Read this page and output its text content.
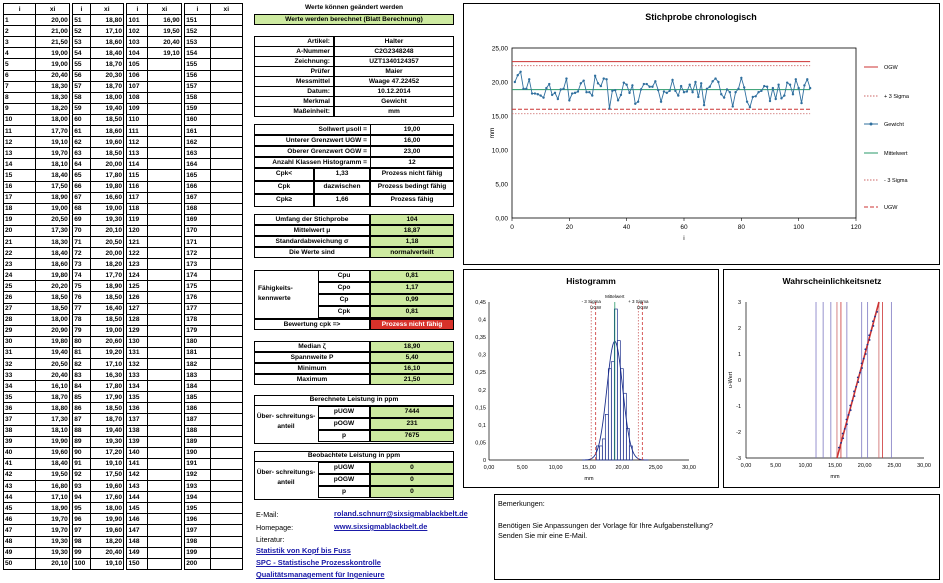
i	xi		i	xi		i	xi		i	xi
1	20,00		51	18,80		101	16,90		151	
2	21,00		52	17,10		102	19,50		152	
3	21,50		53	18,60		103	20,40		153	
4	19,00		54	18,40		104	19,10		154	
5	19,00		55	18,70		105			155	
6	20,40		56	20,30		106			156	
7	18,30		57	18,70		107			157	
8	18,30		58	18,00		108			158	
9	18,20		59	19,40		109			159	
10	18,00		60	18,50		110			160	
11	17,70		61	18,60		111			161	
12	19,10		62	19,60		112			162	
13	19,70		63	18,50		113			163	
14	18,10		64	20,00		114			164	
15	18,40		65	17,80		115			165	
16	17,50		66	19,80		116			166	
17	18,90		67	16,60		117			167	
18	19,00		68	19,00		118			168	
19	20,50		69	19,30		119			169	
20	17,30		70	20,10		120			170	
21	18,30		71	20,50		121			171	
22	18,40		72	20,00		122			172	
23	18,60		73	18,20		123			173	
24	19,80		74	17,70		124			174	
25	20,20		75	18,90		125			175	
26	18,50		76	18,50		126			176	
27	18,50		77	16,40		127			177	
28	18,00		78	18,50		128			178	
29	20,90		79	19,00		129			179	
30	19,80		80	20,60		130			180	
31	19,40		81	19,20		131			181	
32	20,50		82	17,10		132			182	
33	20,40		83	16,30		133			183	
34	16,10		84	17,80		134			184	
35	18,70		85	17,90		135			185	
36	18,80		86	18,50		136			186	
37	17,30		87	18,70		137			187	
38	18,10		88	19,40		138			188	
39	19,90		89	19,30		139			189	
40	19,60		90	17,20		140			190	
41	18,40		91	19,10		141			191	
42	19,50		92	17,50		142			192	
43	16,80		93	19,60		143			193	
44	17,10		94	17,60		144			194	
45	18,90		95	18,00		145			195	
46	19,70		96	19,90		146			196	
47	19,70		97	19,60		147			197	
48	19,30		98	18,20		148			198	
49	19,30		99	20,40		149			199	
50	20,10		100	19,10		150			200	
Werte können geändert werden
Werte werden berechnet (Blatt Berechnung)
Sollwert μsoll =	19,00
Unterer Grenzwert UGW =	16,00
Oberer Grenzwert OGW =	23,00
Anzahl Klassen Histogramm =	12
Fähigkeits-
kennwerte
Bewertung cpk =>	Prozess nicht fähig
Berechnete Leistung in ppm
Über- schreitungs-
anteil
Beobachtete Leistung in ppm
Über- schreitungs-
anteil
E-Mail:	roland.schnurr@sixsigmablackbelt.de
Homepage:	www.sixsigmablackbelt.de
Literatur:
Statistik von Kopf bis Fuss
SPC - Statistische Prozesskontrolle
Qualitätsmanagement für Ingenieure
Bemerkungen:
Benötigen Sie Anpassungen der Vorlage für Ihre Aufgabenstellung?
Senden Sie mir eine E-Mail.
Stichprobe chronologisch
0,00
5,00
10,00
15,00
20,00
25,00
0	20	40	60	80	100	120
i
mm
OGW
+ 3 Sigma
Gewicht
Mittelwert
- 3 Sigma
UGW
Histogramm
0
0,05
0,1
0,15
0,2
0,25
0,3
0,35
0,4
0,45
0,00	5,00	10,00	15,00	20,00	25,00	30,00
mm
Mittelwert
- 3 Sigma	+ 3 Sigma
UGW	OGW
Wahrscheinlichkeitsnetz
-3
-2
-1
0
1
2
3
0,00	5,00	10,00	15,00	20,00	25,00	30,00
mm
u-Wert
Artikel:	Halter
A-Nummer	C2G2348248
Zeichnung:	UZT1340124357
Prüfer	Maier
Messmittel	Waage 47.22452
Datum:	10.12.2014
Merkmal	Gewicht
Maßeinheit:	mm
Cpk<	1,33	Prozess nicht fähig
Cpk	dazwischen	Prozess bedingt fähig
Cpk≥	1,66	Prozess fähig
Umfang der Stichprobe	104
Mittelwert μ	18,87
Standardabweichung σ	1,18
Die Werte sind	normalverteilt
Cpu	0,81
Cpo	1,17
Cp	0,99
Cpk	0,81
Median ζ	18,90
Spannweite P	5,40
Minimum	16,10
Maximum	21,50
pUGW	7444
pOGW	231
p	7675
pUGW	0
pOGW	0
p	0
